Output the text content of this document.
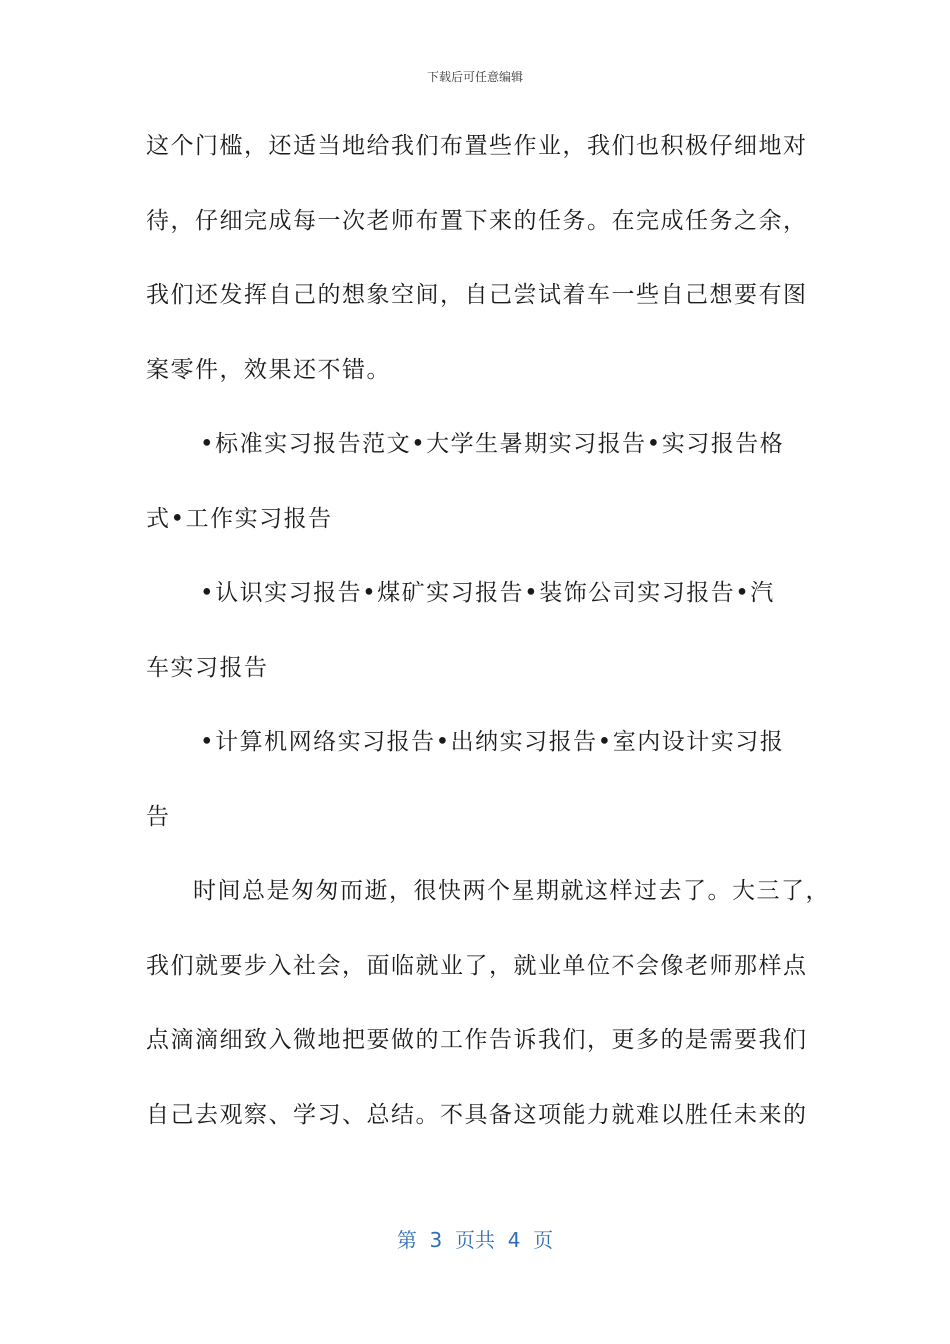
下载后可任意编辑
这个门槛，还适当地给我们布置些作业，我们也积极仔细地对
待，仔细完成每一次老师布置下来的任务。在完成任务之余，
我们还发挥自己的想象空间，自己尝试着车一些自己想要有图
案零件，效果还不错。
•标准实习报告范文•大学生暑期实习报告•实习报告格
式•工作实习报告
•认识实习报告•煤矿实习报告•装饰公司实习报告•汽
车实习报告
•计算机网络实习报告•出纳实习报告•室内设计实习报
告
时间总是匆匆而逝，很快两个星期就这样过去了。大三了，
我们就要步入社会，面临就业了，就业单位不会像老师那样点
点滴滴细致入微地把要做的工作告诉我们，更多的是需要我们
自己去观察、学习、总结。不具备这项能力就难以胜任未来的
第  3  页共  4  页
